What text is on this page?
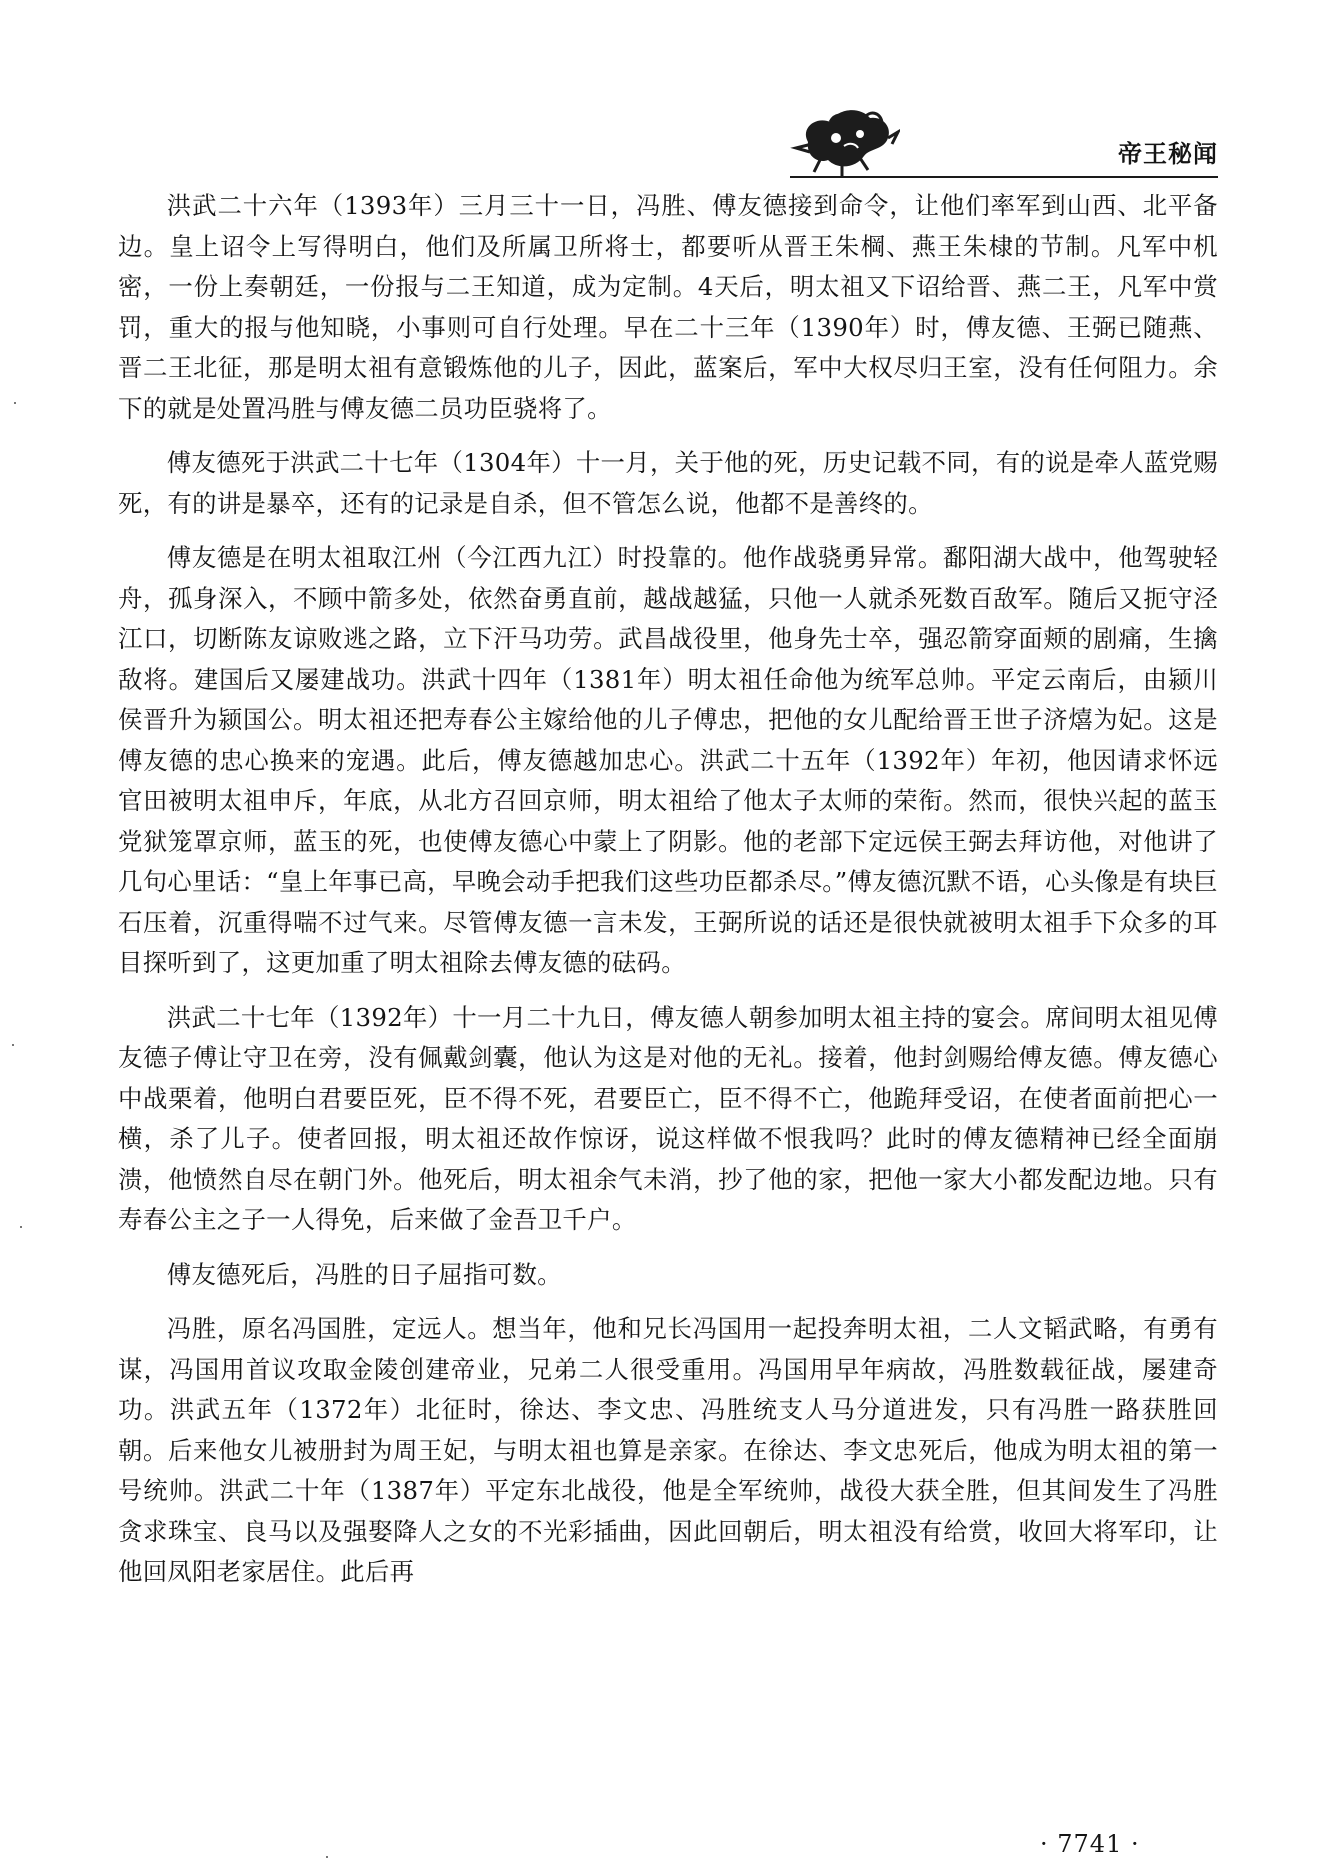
帝王秘闻

洪武二十六年（1393年）三月三十一日，冯胜、傅友德接到命令，让他们率军到山西、北平备边。皇上诏令上写得明白，他们及所属卫所将士，都要听从晋王朱棡、燕王朱棣的节制。凡军中机密，一份上奏朝廷，一份报与二王知道，成为定制。4天后，明太祖又下诏给晋、燕二王，凡军中赏罚，重大的报与他知晓，小事则可自行处理。早在二十三年（1390年）时，傅友德、王弼已随燕、晋二王北征，那是明太祖有意锻炼他的儿子，因此，蓝案后，军中大权尽归王室，没有任何阻力。余下的就是处置冯胜与傅友德二员功臣骁将了。

傅友德死于洪武二十七年（1304年）十一月，关于他的死，历史记载不同，有的说是牵人蓝党赐死，有的讲是暴卒，还有的记录是自杀，但不管怎么说，他都不是善终的。

傅友德是在明太祖取江州（今江西九江）时投靠的。他作战骁勇异常。鄱阳湖大战中，他驾驶轻舟，孤身深入，不顾中箭多处，依然奋勇直前，越战越猛，只他一人就杀死数百敌军。随后又扼守泾江口，切断陈友谅败逃之路，立下汗马功劳。武昌战役里，他身先士卒，强忍箭穿面颊的剧痛，生擒敌将。建国后又屡建战功。洪武十四年（1381年）明太祖任命他为统军总帅。平定云南后，由颍川侯晋升为颍国公。明太祖还把寿春公主嫁给他的儿子傅忠，把他的女儿配给晋王世子济熺为妃。这是傅友德的忠心换来的宠遇。此后，傅友德越加忠心。洪武二十五年（1392年）年初，他因请求怀远官田被明太祖申斥，年底，从北方召回京师，明太祖给了他太子太师的荣衔。然而，很快兴起的蓝玉党狱笼罩京师，蓝玉的死，也使傅友德心中蒙上了阴影。他的老部下定远侯王弼去拜访他，对他讲了几句心里话：“皇上年事已高，早晚会动手把我们这些功臣都杀尽。”傅友德沉默不语，心头像是有块巨石压着，沉重得喘不过气来。尽管傅友德一言未发，王弼所说的话还是很快就被明太祖手下众多的耳目探听到了，这更加重了明太祖除去傅友德的砝码。

洪武二十七年（1392年）十一月二十九日，傅友德人朝参加明太祖主持的宴会。席间明太祖见傅友德子傅让守卫在旁，没有佩戴剑囊，他认为这是对他的无礼。接着，他封剑赐给傅友德。傅友德心中战栗着，他明白君要臣死，臣不得不死，君要臣亡，臣不得不亡，他跪拜受诏，在使者面前把心一横，杀了儿子。使者回报，明太祖还故作惊讶，说这样做不恨我吗？此时的傅友德精神已经全面崩溃，他愤然自尽在朝门外。他死后，明太祖余气未消，抄了他的家，把他一家大小都发配边地。只有寿春公主之子一人得免，后来做了金吾卫千户。

傅友德死后，冯胜的日子屈指可数。

冯胜，原名冯国胜，定远人。想当年，他和兄长冯国用一起投奔明太祖，二人文韬武略，有勇有谋，冯国用首议攻取金陵创建帝业，兄弟二人很受重用。冯国用早年病故，冯胜数载征战，屡建奇功。洪武五年（1372年）北征时，徐达、李文忠、冯胜统支人马分道进发，只有冯胜一路获胜回朝。后来他女儿被册封为周王妃，与明太祖也算是亲家。在徐达、李文忠死后，他成为明太祖的第一号统帅。洪武二十年（1387年）平定东北战役，他是全军统帅，战役大获全胜，但其间发生了冯胜贪求珠宝、良马以及强娶降人之女的不光彩插曲，因此回朝后，明太祖没有给赏，收回大将军印，让他回凤阳老家居住。此后再

· 7741 ·
